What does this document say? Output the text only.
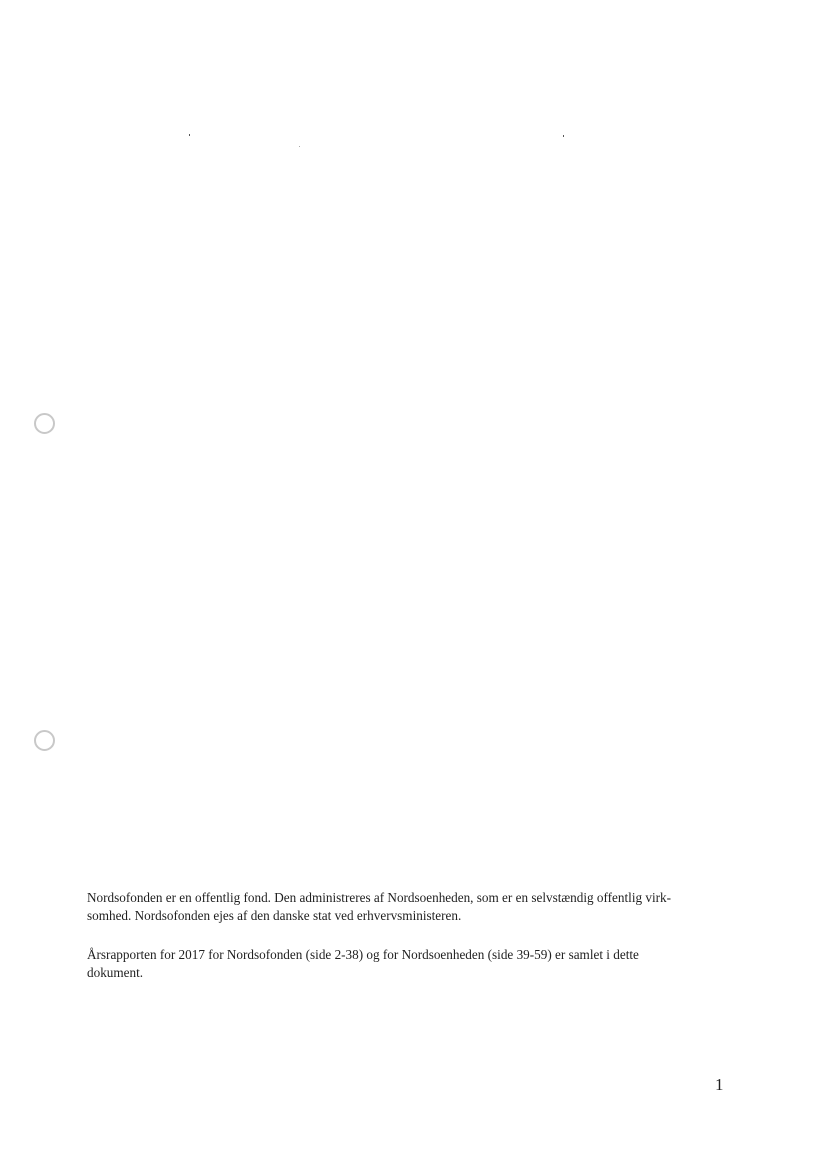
Nordsofonden er en offentlig fond. Den administreres af Nordsoenheden, som er en selvstændig offentlig virk-

somhed. Nordsofonden ejes af den danske stat ved erhvervsministeren.

Årsrapporten for 2017 for Nordsofonden (side 2-38) og for Nordsoenheden (side 39-59) er samlet i dette

dokument.

1
